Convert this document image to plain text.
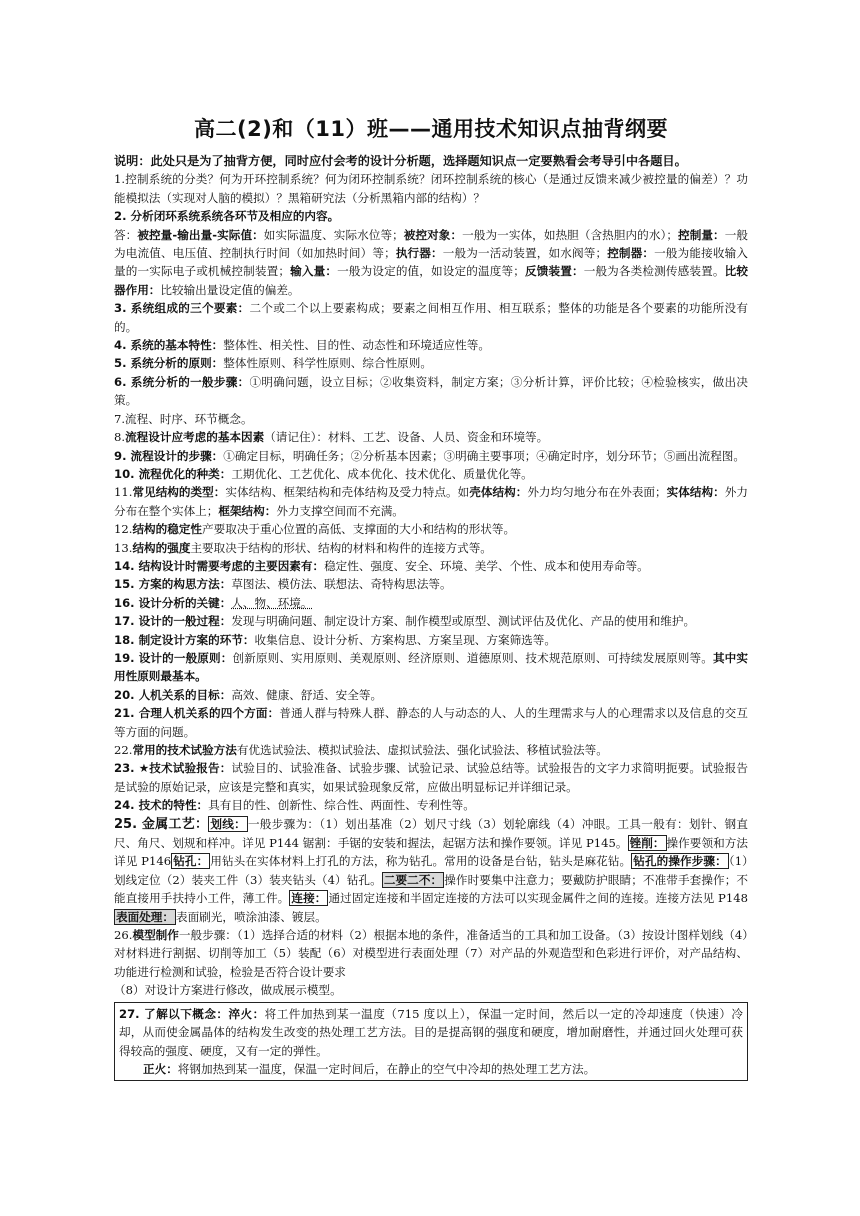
高二(2)和（11）班——通用技术知识点抽背纲要
说明：此处只是为了抽背方便，同时应付会考的设计分析题，选择题知识点一定要熟看会考导引中各题目。
1.控制系统的分类？何为开环控制系统？何为闭环控制系统？闭环控制系统的核心（是通过反馈来减少被控量的偏差）？功能模拟法（实现对人脑的模拟）？黑箱研究法（分析黑箱内部的结构）？
2. 分析闭环系统系统各环节及相应的内容。
答：被控量-输出量-实际值：如实际温度、实际水位等；被控对象：一般为一实体，如热胆（含热胆内的水）；控制量：一般为电流值、电压值、控制执行时间（如加热时间）等；执行器：一般为一活动装置，如水阀等；控制器：一般为能接收输入量的一实际电子或机械控制装置；输入量：一般为设定的值，如设定的温度等；反馈装置：一般为各类检测传感装置。比较器作用：比较输出量设定值的偏差。
3. 系统组成的三个要素：二个或二个以上要素构成；要素之间相互作用、相互联系；整体的功能是各个要素的功能所没有的。
4. 系统的基本特性：整体性、相关性、目的性、动态性和环境适应性等。
5. 系统分析的原则：整体性原则、科学性原则、综合性原则。
6. 系统分析的一般步骤：①明确问题，设立目标；②收集资料，制定方案；③分析计算，评价比较；④检验核实，做出决策。
7.流程、时序、环节概念。
8.流程设计应考虑的基本因素（请记住）：材料、工艺、设备、人员、资金和环境等。
9. 流程设计的步骤：①确定目标，明确任务；②分析基本因素；③明确主要事项；④确定时序，划分环节；⑤画出流程图。
10. 流程优化的种类：工期优化、工艺优化、成本优化、技术优化、质量优化等。
11.常见结构的类型：实体结构、框架结构和壳体结构及受力特点。如壳体结构：外力均匀地分布在外表面；实体结构：外力分布在整个实体上；框架结构：外力支撑空间而不充满。
12.结构的稳定性产要取决于重心位置的高低、支撑面的大小和结构的形状等。
13.结构的强度主要取决于结构的形状、结构的材料和构件的连接方式等。
14. 结构设计时需要考虑的主要因素有：稳定性、强度、安全、环境、美学、个性、成本和使用寿命等。
15. 方案的构思方法：草图法、模仿法、联想法、奇特构思法等。
16. 设计分析的关键：人、物、环境。
17. 设计的一般过程：发现与明确问题、制定设计方案、制作模型或原型、测试评估及优化、产品的使用和维护。
18. 制定设计方案的环节：收集信息、设计分析、方案构思、方案呈现、方案筛选等。
19. 设计的一般原则：创新原则、实用原则、美观原则、经济原则、道德原则、技术规范原则、可持续发展原则等。其中实用性原则最基本。
20. 人机关系的目标：高效、健康、舒适、安全等。
21. 合理人机关系的四个方面：普通人群与特殊人群、静态的人与动态的人、人的生理需求与人的心理需求以及信息的交互等方面的问题。
22.常用的技术试验方法有优选试验法、模拟试验法、虚拟试验法、强化试验法、移植试验法等。
23. ★技术试验报告：试验目的、试验准备、试验步骤、试验记录、试验总结等。试验报告的文字力求简明扼要。试验报告是试验的原始记录，应该是完整和真实，如果试验现象反常，应做出明显标记并详细记录。
24. 技术的特性：具有目的性、创新性、综合性、两面性、专利性等。
25. 金属工艺： 划线： 一般步骤为：（1）划出基准（2）划尺寸线（3）划轮廓线（4）冲眼。工具一般有：划针、钢直尺、角尺、划规和样冲。详见 P144 锯割：手锯的安装和握法，起锯方法和操作要领。详见 P145。 锉削： 操作要领和方法详见 P146 钻孔： 用钻头在实体材料上打孔的方法，称为钻孔。常用的设备是台钻，钻头是麻花钻。 钻孔的操作步骤： （1）划线定位（2）装夹工件（3）装夹钻头（4）钻孔。 二要二不： 操作时要集中注意力；要戴防护眼睛；不准带手套操作；不能直接用手扶持小工件，薄工件。 连接： 通过固定连接和半固定连接的方法可以实现金属件之间的连接。连接方法见 P148表面处理： 表面刷光，喷涂油漆、镀层。
26.模型制作一般步骤：（1）选择合适的材料（2）根据本地的条件，准备适当的工具和加工设备。（3）按设计图样划线（4）对材料进行割据、切削等加工（5）装配（6）对模型进行表面处理（7）对产品的外观造型和色彩进行评价，对产品结构、功能进行检测和试验，检验是否符合设计要求
（8）对设计方案进行修改，做成展示模型。
27. 了解以下概念：淬火：将工件加热到某一温度（715 度以上），保温一定时间，然后以一定的冷却速度（快速）冷却，从而使金属晶体的结构发生改变的热处理工艺方法。目的是提高钢的强度和硬度，增加耐磨性，并通过回火处理可获得较高的强度、硬度，又有一定的弹性。
正火：将钢加热到某一温度，保温一定时间后，在静止的空气中冷却的热处理工艺方法。
